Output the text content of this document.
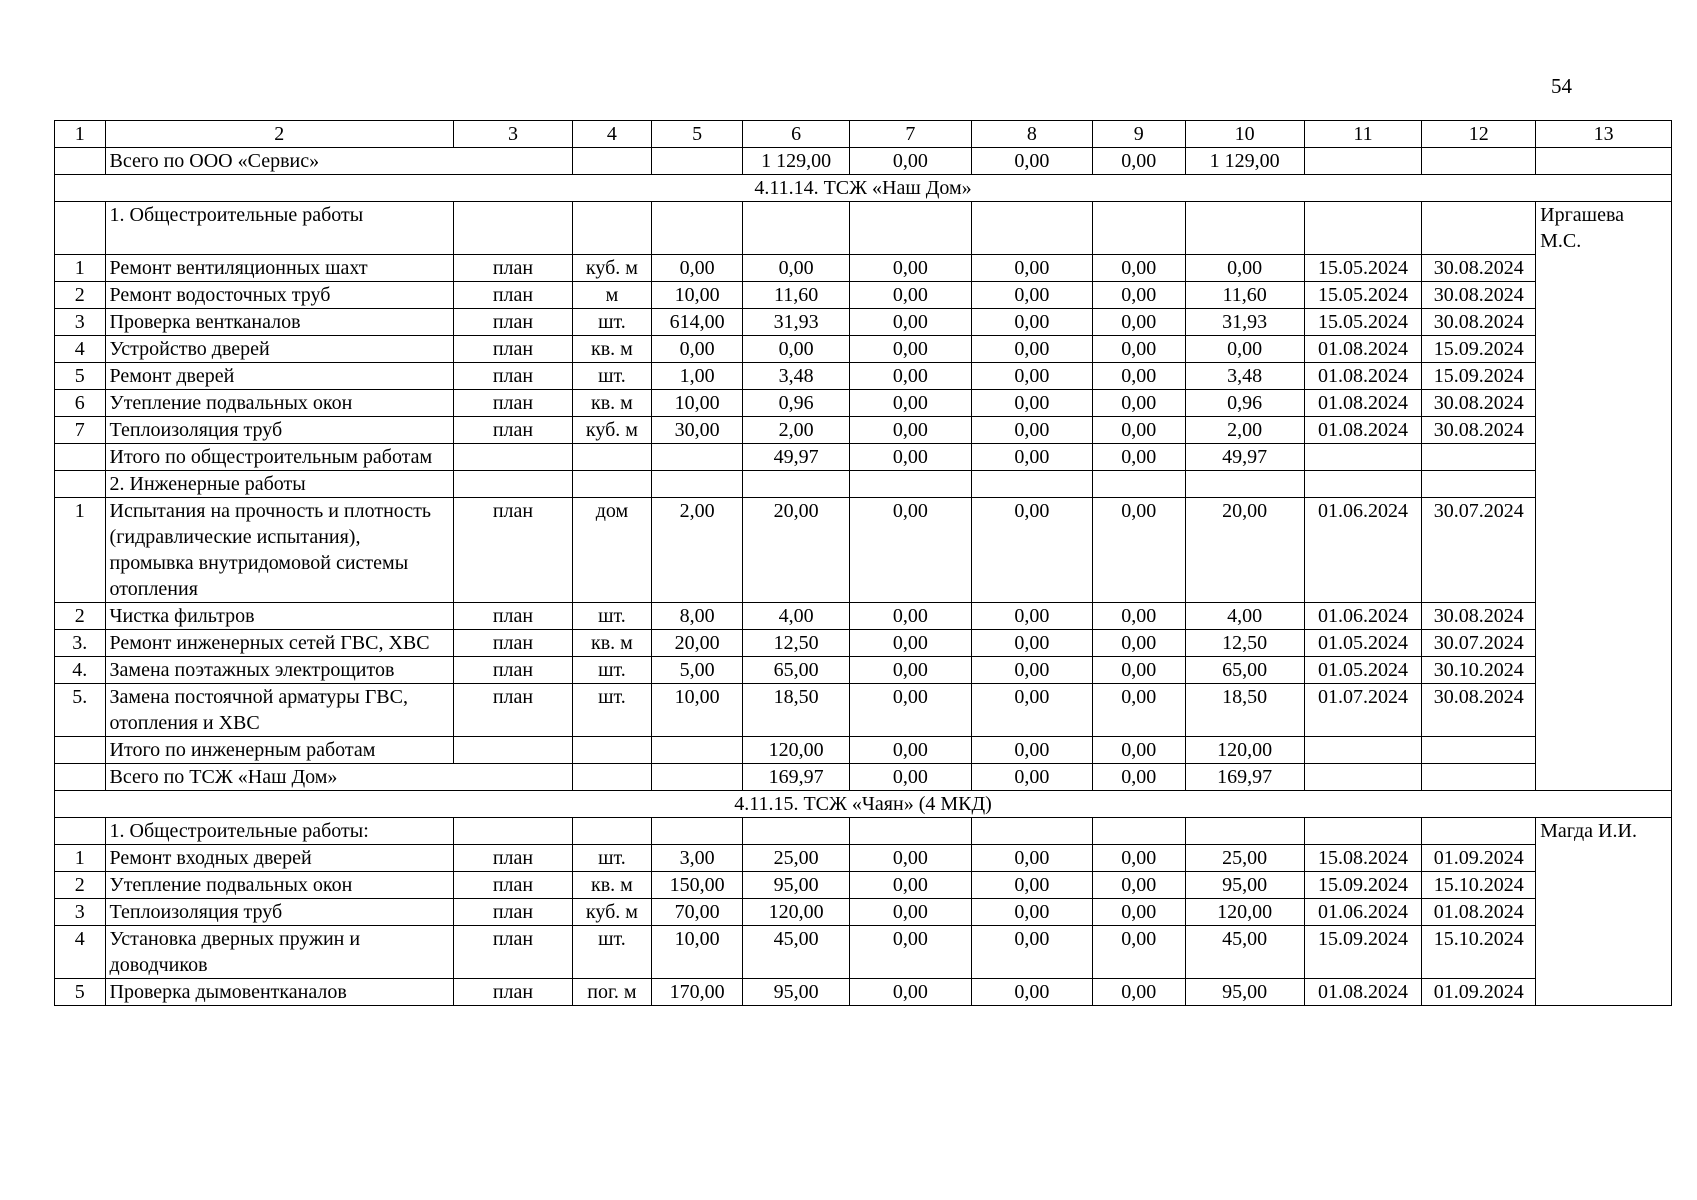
54
1	2	3	4	5	6	7	8	9	10	11	12	13
	Всего по ООО «Сервис»				1 129,00	0,00	0,00	0,00	1 129,00			
4.11.14. ТСЖ «Наш Дом»												
	1. Общестроительные работы											Иргашева М.С.
1	Ремонт вентиляционных шахт	план	куб. м	0,00	0,00	0,00	0,00	0,00	0,00	15.05.2024	30.08.2024	
2	Ремонт водосточных труб	план	м	10,00	11,60	0,00	0,00	0,00	11,60	15.05.2024	30.08.2024	
3	Проверка вентканалов	план	шт.	614,00	31,93	0,00	0,00	0,00	31,93	15.05.2024	30.08.2024	
4	Устройство дверей	план	кв. м	0,00	0,00	0,00	0,00	0,00	0,00	01.08.2024	15.09.2024	
5	Ремонт дверей	план	шт.	1,00	3,48	0,00	0,00	0,00	3,48	01.08.2024	15.09.2024	
6	Утепление подвальных окон	план	кв. м	10,00	0,96	0,00	0,00	0,00	0,96	01.08.2024	30.08.2024	
7	Теплоизоляция труб	план	куб. м	30,00	2,00	0,00	0,00	0,00	2,00	01.08.2024	30.08.2024	
	Итого по общестроительным работам				49,97	0,00	0,00	0,00	49,97			
	2. Инженерные работы											
1	Испытания на прочность и плотность (гидравлические испытания), промывка внутридомовой системы отопления	план	дом	2,00	20,00	0,00	0,00	0,00	20,00	01.06.2024	30.07.2024	
2	Чистка фильтров	план	шт.	8,00	4,00	0,00	0,00	0,00	4,00	01.06.2024	30.08.2024	
3.	Ремонт инженерных сетей ГВС, ХВС	план	кв. м	20,00	12,50	0,00	0,00	0,00	12,50	01.05.2024	30.07.2024	
4.	Замена поэтажных электрощитов	план	шт.	5,00	65,00	0,00	0,00	0,00	65,00	01.05.2024	30.10.2024	
5.	Замена постоячной арматуры ГВС, отопления и ХВС	план	шт.	10,00	18,50	0,00	0,00	0,00	18,50	01.07.2024	30.08.2024	
	Итого по инженерным работам				120,00	0,00	0,00	0,00	120,00			
	Всего по ТСЖ «Наш Дом»				169,97	0,00	0,00	0,00	169,97			
4.11.15. ТСЖ «Чаян» (4 МКД)												
	1. Общестроительные работы:											Магда И.И.
1	Ремонт входных дверей	план	шт.	3,00	25,00	0,00	0,00	0,00	25,00	15.08.2024	01.09.2024	
2	Утепление подвальных окон	план	кв. м	150,00	95,00	0,00	0,00	0,00	95,00	15.09.2024	15.10.2024	
3	Теплоизоляция труб	план	куб. м	70,00	120,00	0,00	0,00	0,00	120,00	01.06.2024	01.08.2024	
4	Установка дверных пружин и доводчиков	план	шт.	10,00	45,00	0,00	0,00	0,00	45,00	15.09.2024	15.10.2024	
5	Проверка дымовентканалов	план	пог. м	170,00	95,00	0,00	0,00	0,00	95,00	01.08.2024	01.09.2024	
